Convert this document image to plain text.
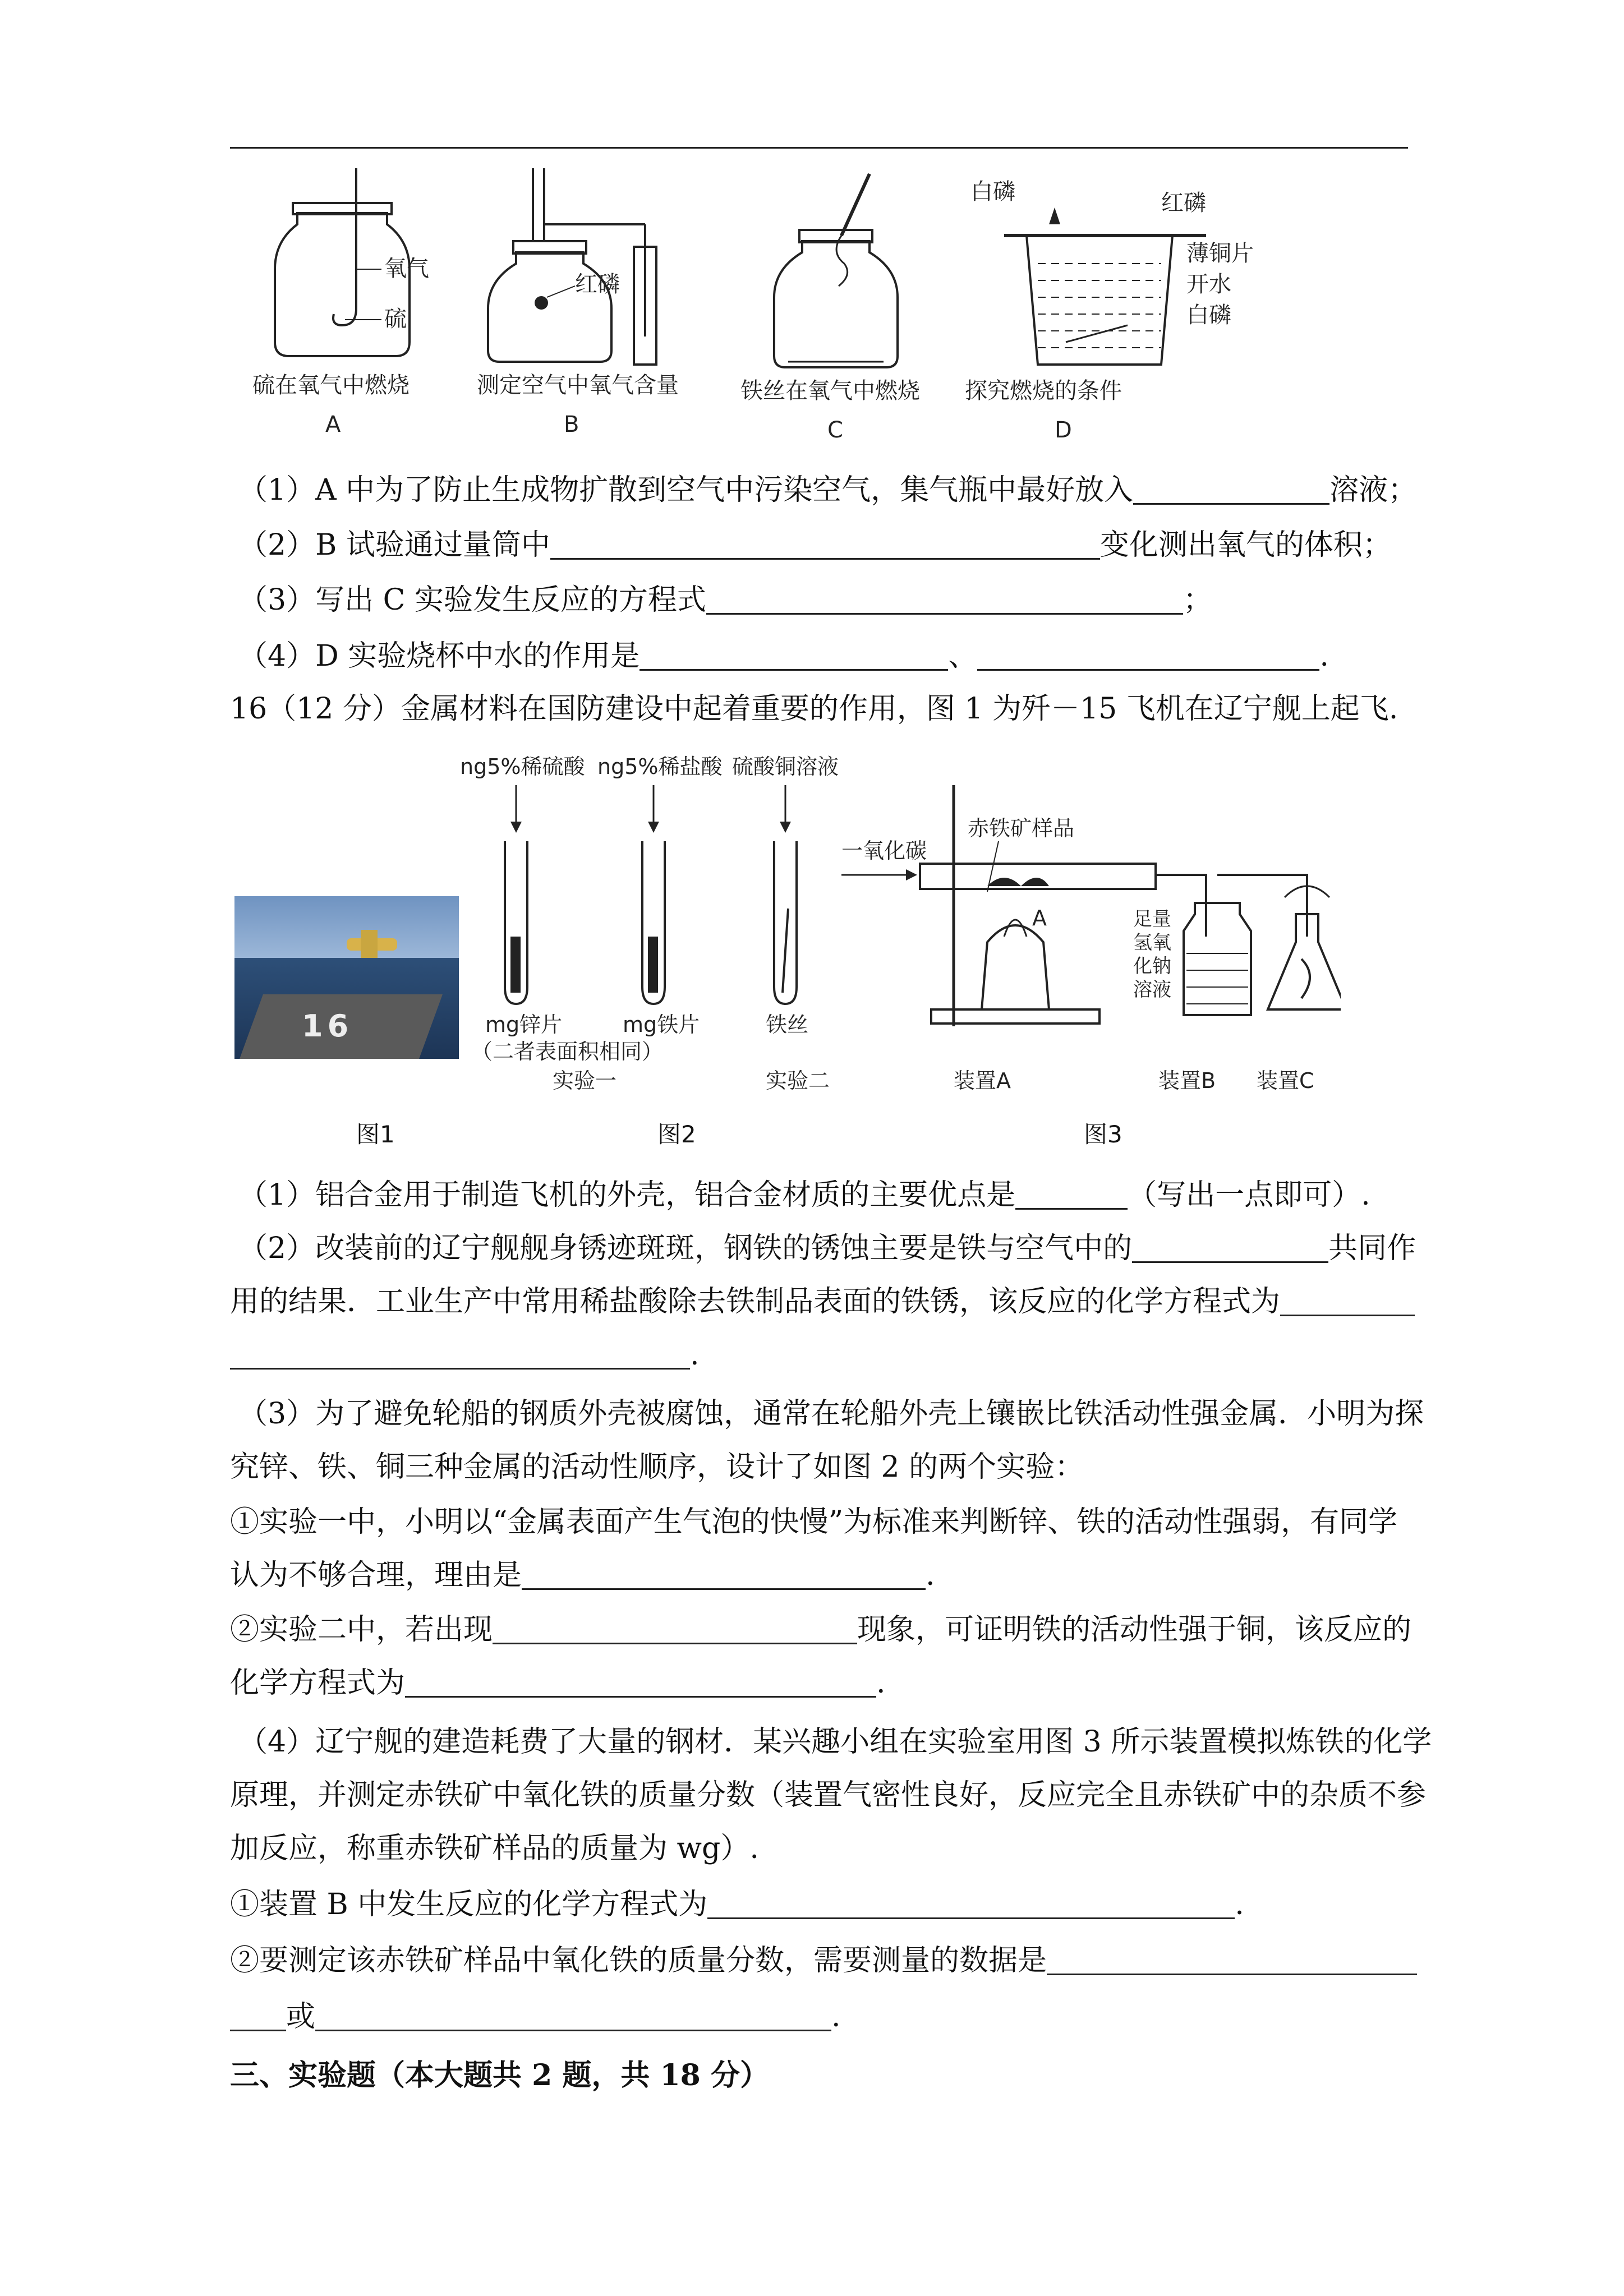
氧气
硫
硫在氧气中燃烧
A
红磷
测定空气中氧气含量
B
铁丝在氧气中燃烧
C
白磷	红磷
薄铜片
开水
白磷
探究燃烧的条件
D
（1）A 中为了防止生成物扩散到空气中污染空气，集气瓶中最好放入	溶液；
（2）B 试验通过量筒中	变化测出氧气的体积；
（3）写出 C 实验发生反应的方程式	；
（4）D 实验烧杯中水的作用是	、	.
16（12 分）金属材料在国防建设中起着重要的作用，图 1 为歼－15 飞机在辽宁舰上起飞.
16
图1
ng5%稀硫酸 ng5%稀盐酸 硫酸铜溶液
mg锌片	mg铁片	铁丝
（二者表面积相同）
实验一	实验二
图2
一氧化碳
赤铁矿样品
A	足量
氢氧
化钠
溶液
装置A	装置B 装置C
图3
（1）铝合金用于制造飞机的外壳，铝合金材质的主要优点是	（写出一点即可）.
（2）改装前的辽宁舰舰身锈迹斑斑，钢铁的锈蚀主要是铁与空气中的	共同作
用的结果．工业生产中常用稀盐酸除去铁制品表面的铁锈，该反应的化学方程式为
.
（3）为了避免轮船的钢质外壳被腐蚀，通常在轮船外壳上镶嵌比铁活动性强金属．小明为探
究锌、铁、铜三种金属的活动性顺序，设计了如图 2 的两个实验：
①实验一中，小明以“金属表面产生气泡的快慢”为标准来判断锌、铁的活动性强弱，有同学
认为不够合理，理由是	.
②实验二中，若出现	现象，可证明铁的活动性强于铜，该反应的
化学方程式为	.
（4）辽宁舰的建造耗费了大量的钢材．某兴趣小组在实验室用图 3 所示装置模拟炼铁的化学
原理，并测定赤铁矿中氧化铁的质量分数（装置气密性良好，反应完全且赤铁矿中的杂质不参
加反应，称重赤铁矿样品的质量为 wg）.
①装置 B 中发生反应的化学方程式为	.
②要测定该赤铁矿样品中氧化铁的质量分数，需要测量的数据是
或	.
三、实验题（本大题共 2 题，共 18 分）
